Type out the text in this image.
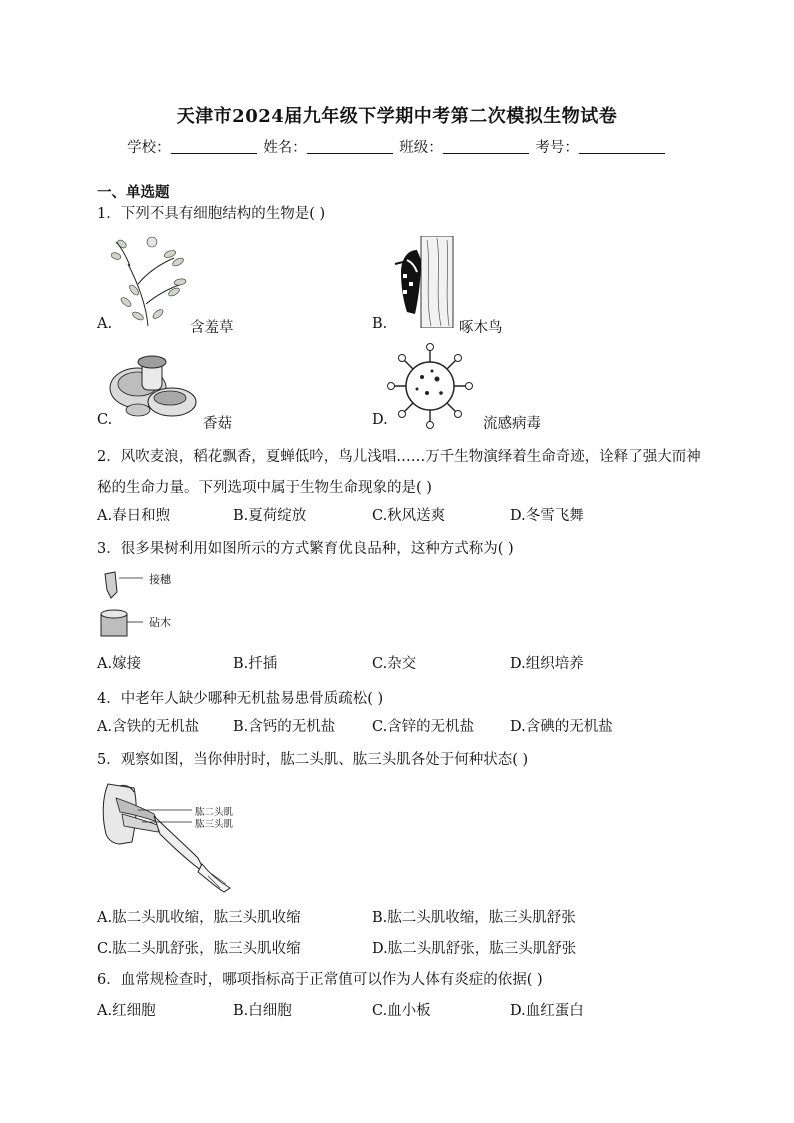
天津市2024届九年级下学期中考第二次模拟生物试卷
学校：	姓名：	班级：	考号：
一、单选题
1．下列不具有细胞结构的生物是( )
A.	含羞草	B.	啄木鸟
C.	香菇	D.	流感病毒
2．风吹麦浪，稻花飘香，夏蝉低吟，鸟儿浅唱……万千生物演绎着生命奇迹，诠释了强大而神秘的生命力量。下列选项中属于生物生命现象的是( )
A.春日和煦	B.夏荷绽放	C.秋风送爽	D.冬雪飞舞
3．很多果树利用如图所示的方式繁育优良品种，这种方式称为( )
接穗
砧木
A.嫁接	B.扦插	C.杂交	D.组织培养
4．中老年人缺少哪种无机盐易患骨质疏松( )
A.含铁的无机盐 B.含钙的无机盐	C.含锌的无机盐 D.含碘的无机盐
5．观察如图，当你伸肘时，肱二头肌、肱三头肌各处于何种状态( )
肱二头肌
肱三头肌
A.肱二头肌收缩，肱三头肌收缩	B.肱二头肌收缩，肱三头肌舒张
C.肱二头肌舒张，肱三头肌收缩	D.肱二头肌舒张，肱三头肌舒张
6．血常规检查时，哪项指标高于正常值可以作为人体有炎症的依据( )
A.红细胞	B.白细胞	C.血小板	D.血红蛋白
